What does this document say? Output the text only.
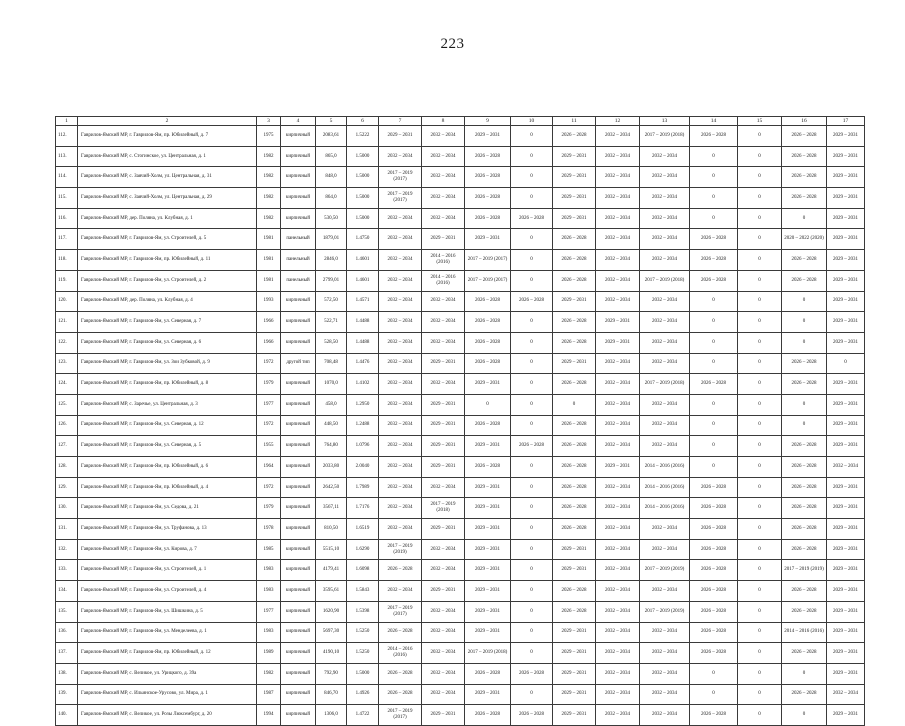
223
1	2	3	4	5	6	7	8	9	10	11	12	13	14	15	16	17
112.	Гаврилов-Ямский МР, г. Гаврилов-Ям, пр. Юбилейный, д. 7	1975	кирпичный	2083,61	1.5222	2029 – 2031	2032 – 2034	2029 – 2031	0	2026 – 2028	2032 – 2034	2017 – 2019 (2018)	2026 – 2028	0	2026 – 2028	2029 – 2031
113.	Гаврилов-Ямский МР, с. Стогинское, ул. Центральная, д. 1	1982	кирпичный	865,0	1.5000	2032 – 2034	2032 – 2034	2026 – 2028	0	2029 – 2031	2032 – 2034	2032 – 2034	0	0	2026 – 2028	2029 – 2031
114.	Гаврилов-Ямский МР, с. Заячий-Холм, ул. Центральная, д. 31	1982	кирпичный	848,0	1.5000	2017 – 2019 (2017)	2032 – 2034	2026 – 2028	0	2029 – 2031	2032 – 2034	2032 – 2034	0	0	2026 – 2028	2029 – 2031
115.	Гаврилов-Ямский МР, с. Заячий-Холм, ул. Центральная, д. 29	1982	кирпичный	864,0	1.5000	2017 – 2019 (2017)	2032 – 2034	2026 – 2028	0	2029 – 2031	2032 – 2034	2032 – 2034	0	0	2026 – 2028	2029 – 2031
116.	Гаврилов-Ямский МР, дер. Поляна, ул. Клубная, д. 1	1982	кирпичный	530,50	1.5000	2032 – 2034	2032 – 2034	2026 – 2028	2026 – 2028	2029 – 2031	2032 – 2034	2032 – 2034	0	0	0	2029 – 2031
117.	Гаврилов-Ямский МР, г. Гаврилов-Ям, ул. Строителей, д. 5	1981	панельный	1879,01	1.4750	2032 – 2034	2029 – 2031	2029 – 2031	0	2026 – 2028	2032 – 2034	2032 – 2034	2026 – 2028	0	2020 – 2022 (2020)	2029 – 2031
118.	Гаврилов-Ямский МР, г. Гаврилов-Ям, пр. Юбилейный, д. 11	1981	панельный	2846,0	1.4601	2032 – 2034	2014 – 2016 (2016)	2017 – 2019 (2017)	0	2026 – 2028	2032 – 2034	2032 – 2034	2026 – 2028	0	2026 – 2028	2029 – 2031
119.	Гаврилов-Ямский МР, г. Гаврилов-Ям, ул. Строителей, д. 2	1981	панельный	2799,01	1.4601	2032 – 2034	2014 – 2016 (2016)	2017 – 2019 (2017)	0	2026 – 2028	2032 – 2034	2017 – 2019 (2018)	2026 – 2028	0	2026 – 2028	2029 – 2031
120.	Гаврилов-Ямский МР, дер. Поляна, ул. Клубная, д. 4	1993	кирпичный	572,50	1.4571	2032 – 2034	2032 – 2034	2026 – 2028	2026 – 2028	2029 – 2031	2032 – 2034	2032 – 2034	0	0	0	2029 – 2031
121.	Гаврилов-Ямский МР, г. Гаврилов-Ям, ул. Северная, д. 7	1966	кирпичный	522,71	1.4488	2032 – 2034	2032 – 2034	2026 – 2028	0	2026 – 2028	2029 – 2031	2032 – 2034	0	0	0	2029 – 2031
122.	Гаврилов-Ямский МР, г. Гаврилов-Ям, ул. Северная, д. 6	1966	кирпичный	528,50	1.4488	2032 – 2034	2032 – 2034	2026 – 2028	0	2026 – 2028	2029 – 2031	2032 – 2034	0	0	0	2029 – 2031
123.	Гаврилов-Ямский МР, г. Гаврилов-Ям, ул. Зои Зубковой, д. 9	1972	другой тип	708,48	1.4476	2032 – 2034	2029 – 2031	2026 – 2028	0	2029 – 2031	2032 – 2034	2032 – 2034	0	0	2026 – 2028	0
124.	Гаврилов-Ямский МР, г. Гаврилов-Ям, пр. Юбилейный, д. 8	1979	кирпичный	1070,0	1.4102	2032 – 2034	2032 – 2034	2029 – 2031	0	2026 – 2028	2032 – 2034	2017 – 2019 (2018)	2026 – 2028	0	2026 – 2028	2029 – 2031
125.	Гаврилов-Ямский МР, с. Заречье, ул. Центральная, д. 3	1977	кирпичный	458,0	1.2950	2032 – 2034	2029 – 2031	0	0	0	2032 – 2034	2032 – 2034	0	0	0	2029 – 2031
126.	Гаврилов-Ямский МР, г. Гаврилов-Ям, ул. Северная, д. 12	1972	кирпичный	448,50	1.2488	2032 – 2034	2029 – 2031	2026 – 2028	0	2026 – 2028	2032 – 2034	2032 – 2034	0	0	0	2029 – 2031
127.	Гаврилов-Ямский МР, г. Гаврилов-Ям, ул. Северная, д. 5	1955	кирпичный	764,80	1.0796	2032 – 2034	2029 – 2031	2029 – 2031	2026 – 2028	2026 – 2028	2032 – 2034	2032 – 2034	0	0	2026 – 2028	2029 – 2031
128.	Гаврилов-Ямский МР, г. Гаврилов-Ям, пр. Юбилейный, д. 6	1964	кирпичный	2033,80	2.0040	2032 – 2034	2029 – 2031	2026 – 2028	0	2026 – 2028	2029 – 2031	2014 – 2016 (2016)	0	0	2026 – 2028	2032 – 2034
129.	Гаврилов-Ямский МР, г. Гаврилов-Ям, пр. Юбилейный, д. 4	1972	кирпичный	2642,50	1.7989	2032 – 2034	2032 – 2034	2029 – 2031	0	2026 – 2028	2032 – 2034	2014 – 2016 (2016)	2026 – 2028	0	2026 – 2028	2029 – 2031
130.	Гаврилов-Ямский МР, г. Гаврилов-Ям, ул. Седова, д. 21	1979	кирпичный	3567,11	1.7176	2032 – 2034	2017 – 2019 (2018)	2029 – 2031	0	2026 – 2028	2032 – 2034	2014 – 2016 (2016)	2026 – 2028	0	2026 – 2028	2029 – 2031
131.	Гаврилов-Ямский МР, г. Гаврилов-Ям, ул. Труфанова, д. 13	1978	кирпичный	810,50	1.6519	2032 – 2034	2029 – 2031	2029 – 2031	0	2026 – 2028	2032 – 2034	2032 – 2034	2026 – 2028	0	2026 – 2028	2029 – 2031
132.	Гаврилов-Ямский МР, г. Гаврилов-Ям, ул. Кирова, д. 7	1985	кирпичный	5515,10	1.6290	2017 – 2019 (2019)	2032 – 2034	2029 – 2031	0	2029 – 2031	2032 – 2034	2032 – 2034	2026 – 2028	0	2026 – 2028	2029 – 2031
133.	Гаврилов-Ямский МР, г. Гаврилов-Ям, ул. Строителей, д. 1	1983	кирпичный	4179,41	1.6098	2026 – 2028	2032 – 2034	2029 – 2031	0	2029 – 2031	2032 – 2034	2017 – 2019 (2019)	2026 – 2028	0	2017 – 2019 (2019)	2029 – 2031
134.	Гаврилов-Ямский МР, г. Гаврилов-Ям, ул. Строителей, д. 4	1983	кирпичный	3595,61	1.5843	2032 – 2034	2029 – 2031	2029 – 2031	0	2026 – 2028	2032 – 2034	2032 – 2034	2026 – 2028	0	2026 – 2028	2029 – 2031
135.	Гаврилов-Ямский МР, г. Гаврилов-Ям, ул. Шишкина, д. 5	1977	кирпичный	1620,90	1.5398	2017 – 2019 (2017)	2032 – 2034	2029 – 2031	0	2026 – 2028	2032 – 2034	2017 – 2019 (2019)	2026 – 2028	0	2026 – 2028	2029 – 2031
136.	Гаврилов-Ямский МР, г. Гаврилов-Ям, ул. Менделеева, д. 1	1983	кирпичный	5697,30	1.5250	2026 – 2028	2032 – 2034	2029 – 2031	0	2029 – 2031	2032 – 2034	2032 – 2034	2026 – 2028	0	2014 – 2016 (2016)	2029 – 2031
137.	Гаврилов-Ямский МР, г. Гаврилов-Ям, пр. Юбилейный, д. 12	1989	кирпичный	4190,10	1.5250	2014 – 2016 (2016)	2032 – 2034	2017 – 2019 (2018)	0	2029 – 2031	2032 – 2034	2032 – 2034	2026 – 2028	0	2026 – 2028	2029 – 2031
138.	Гаврилов-Ямский МР, с. Великое, ул. Урицкого, д. 39а	1982	кирпичный	792,90	1.5000	2026 – 2028	2032 – 2034	2026 – 2028	2026 – 2028	2029 – 2031	2032 – 2034	2032 – 2034	0	0	0	2029 – 2031
139.	Гаврилов-Ямский МР, с. Ильинское-Урусово, ул. Мира, д. 1	1987	кирпичный	846,70	1.4926	2026 – 2028	2032 – 2034	2029 – 2031	0	2029 – 2031	2032 – 2034	2032 – 2034	0	0	2026 – 2028	2032 – 2034
140.	Гаврилов-Ямский МР, с. Великое, ул. Розы Люксембург, д. 20	1994	кирпичный	1306,0	1.4722	2017 – 2019 (2017)	2029 – 2031	2026 – 2028	2026 – 2028	2029 – 2031	2032 – 2034	2032 – 2034	2026 – 2028	0	0	2029 – 2031
